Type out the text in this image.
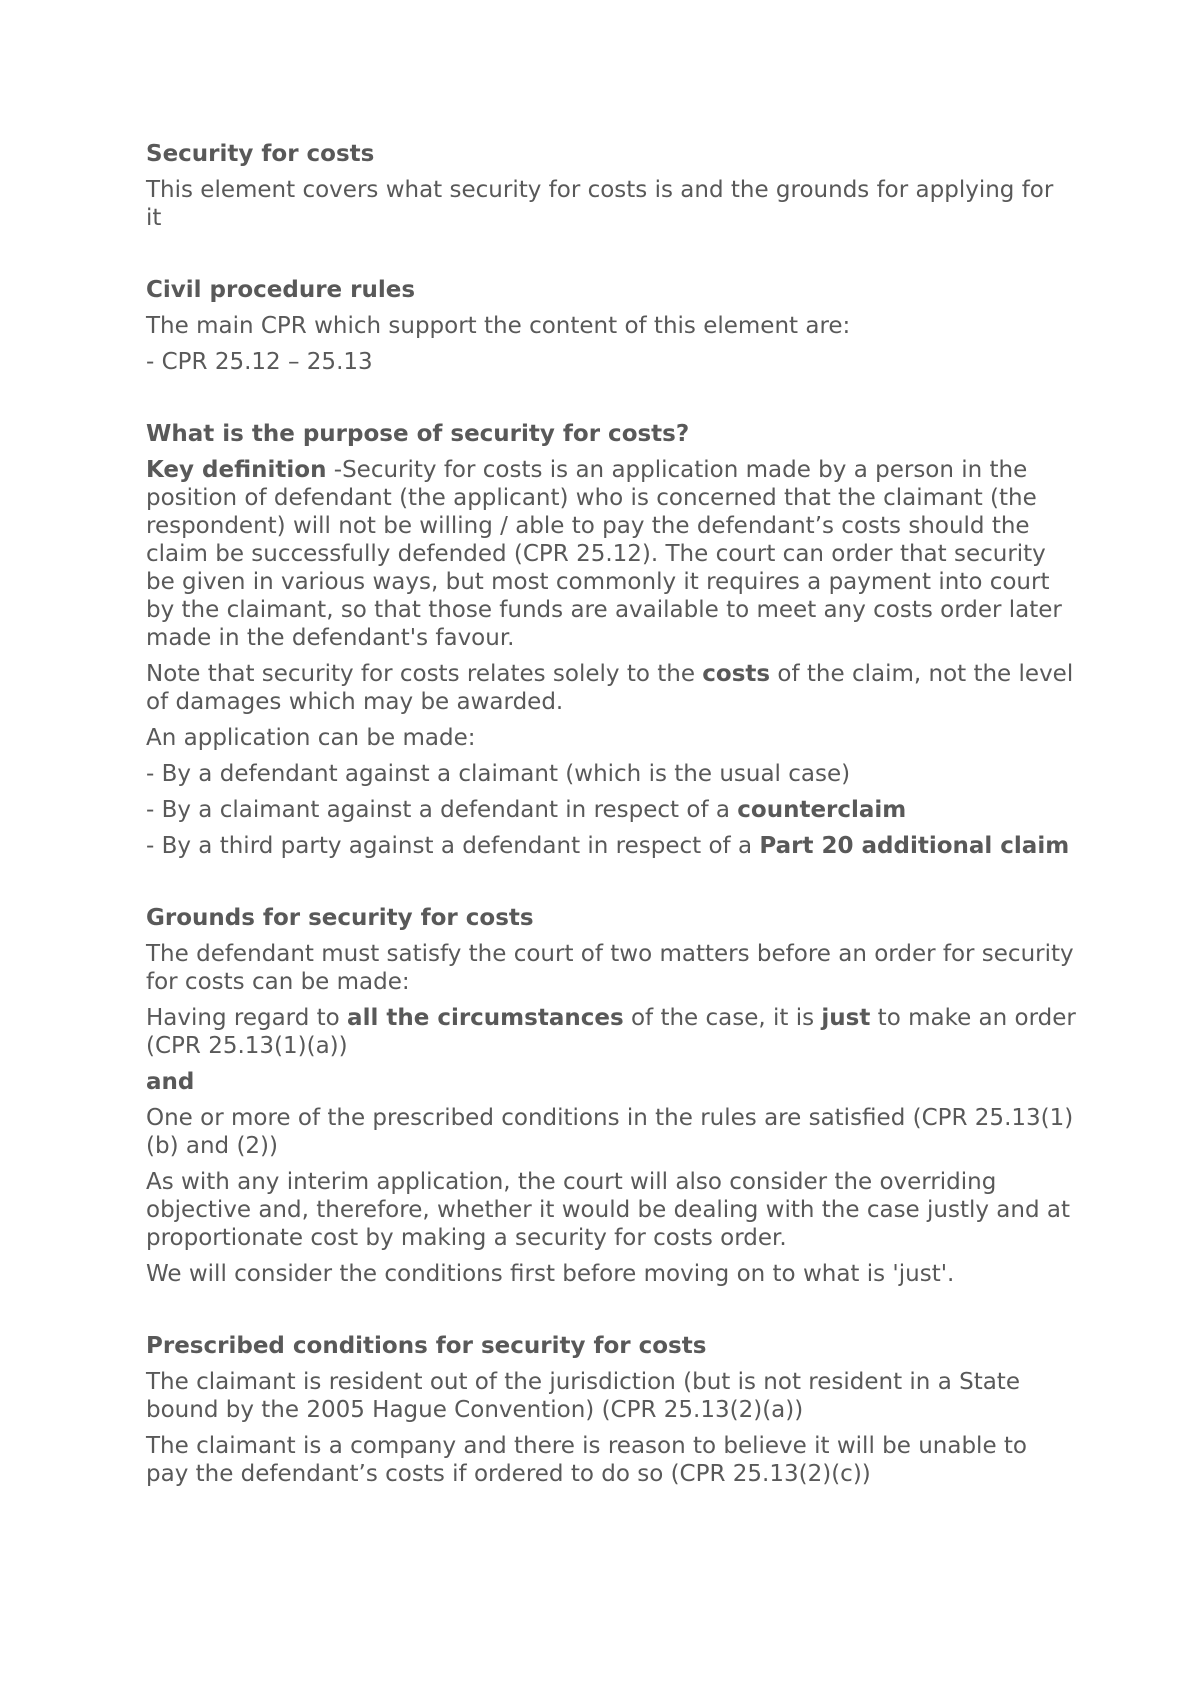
Security for costs
This element covers what security for costs is and the grounds for applying for it
Civil procedure rules
The main CPR which support the content of this element are:
- CPR 25.12 – 25.13
What is the purpose of security for costs?
Key definition -Security for costs is an application made by a person in the position of defendant (the applicant) who is concerned that the claimant (the respondent) will not be willing / able to pay the defendant’s costs should the claim be successfully defended (CPR 25.12). The court can order that security be given in various ways, but most commonly it requires a payment into court by the claimant, so that those funds are available to meet any costs order later made in the defendant's favour.
Note that security for costs relates solely to the costs of the claim, not the level of damages which may be awarded.
An application can be made:
- By a defendant against a claimant (which is the usual case)
- By a claimant against a defendant in respect of a counterclaim
- By a third party against a defendant in respect of a Part 20 additional claim
Grounds for security for costs
The defendant must satisfy the court of two matters before an order for security for costs can be made:
Having regard to all the circumstances of the case, it is just to make an order (CPR 25.13(1)(a))
and
One or more of the prescribed conditions in the rules are satisfied (CPR 25.13(1)(b) and (2))
As with any interim application, the court will also consider the overriding objective and, therefore, whether it would be dealing with the case justly and at proportionate cost by making a security for costs order.
We will consider the conditions first before moving on to what is 'just'.
Prescribed conditions for security for costs
The claimant is resident out of the jurisdiction (but is not resident in a State bound by the 2005 Hague Convention) (CPR 25.13(2)(a))
The claimant is a company and there is reason to believe it will be unable to pay the defendant’s costs if ordered to do so (CPR 25.13(2)(c))
